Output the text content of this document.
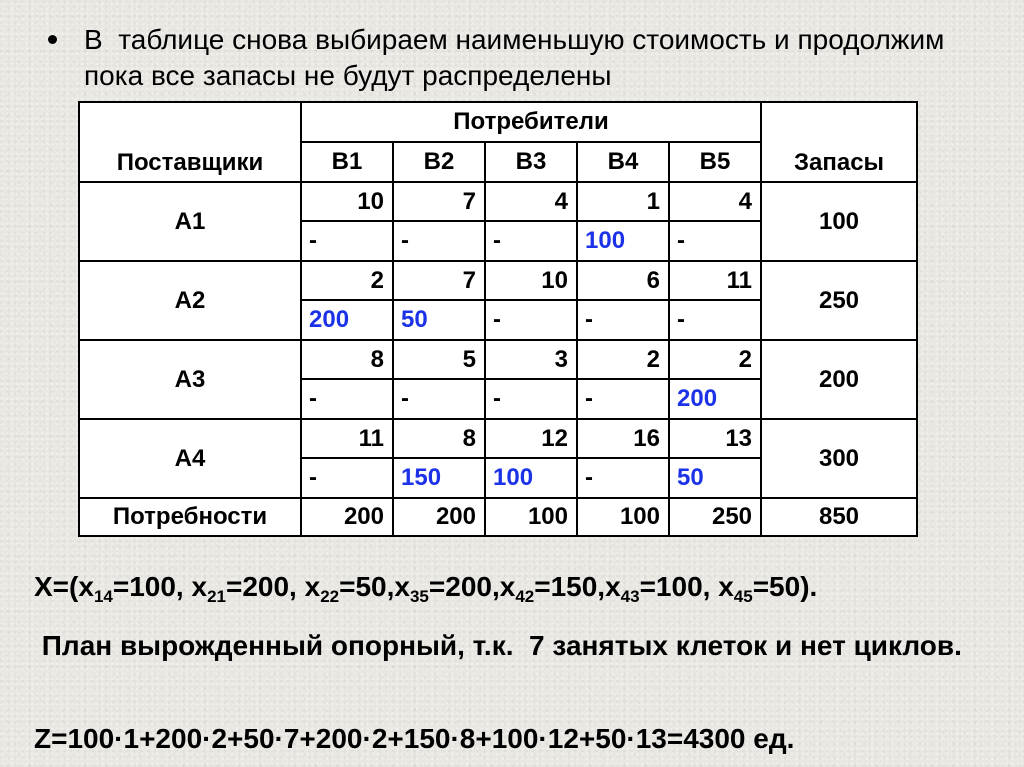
В  таблице снова выбираем наименьшую стоимость и продолжим  пока все запасы не будут распределены
Поставщики	Потребители					Запасы
	В1	В2	В3	В4	В5	
А1	10	7	4	1	4	100

	-	-	-	100	-	

А2	2	7	10	6	11	250

	200	50	-	-	-	

А3	8	5	3	2	2	200

	-	-	-	-	200	

А4	11	8	12	16	13	300

	-	150	100	-	50	

Потребности	200	200	100	100	250	850
$X=(x_{14}=100$, $x_{21}=200$, $x_{22}=50,x_{35}=200,x_{42}=150,x_{43}=100$, $x_{45}=50$).
План вырожденный опорный, т.к.  7 занятых клеток и нет циклов.
Z=100·1+200·2+50·7+200·2+150·8+100·12+50·13=4300 ед.
